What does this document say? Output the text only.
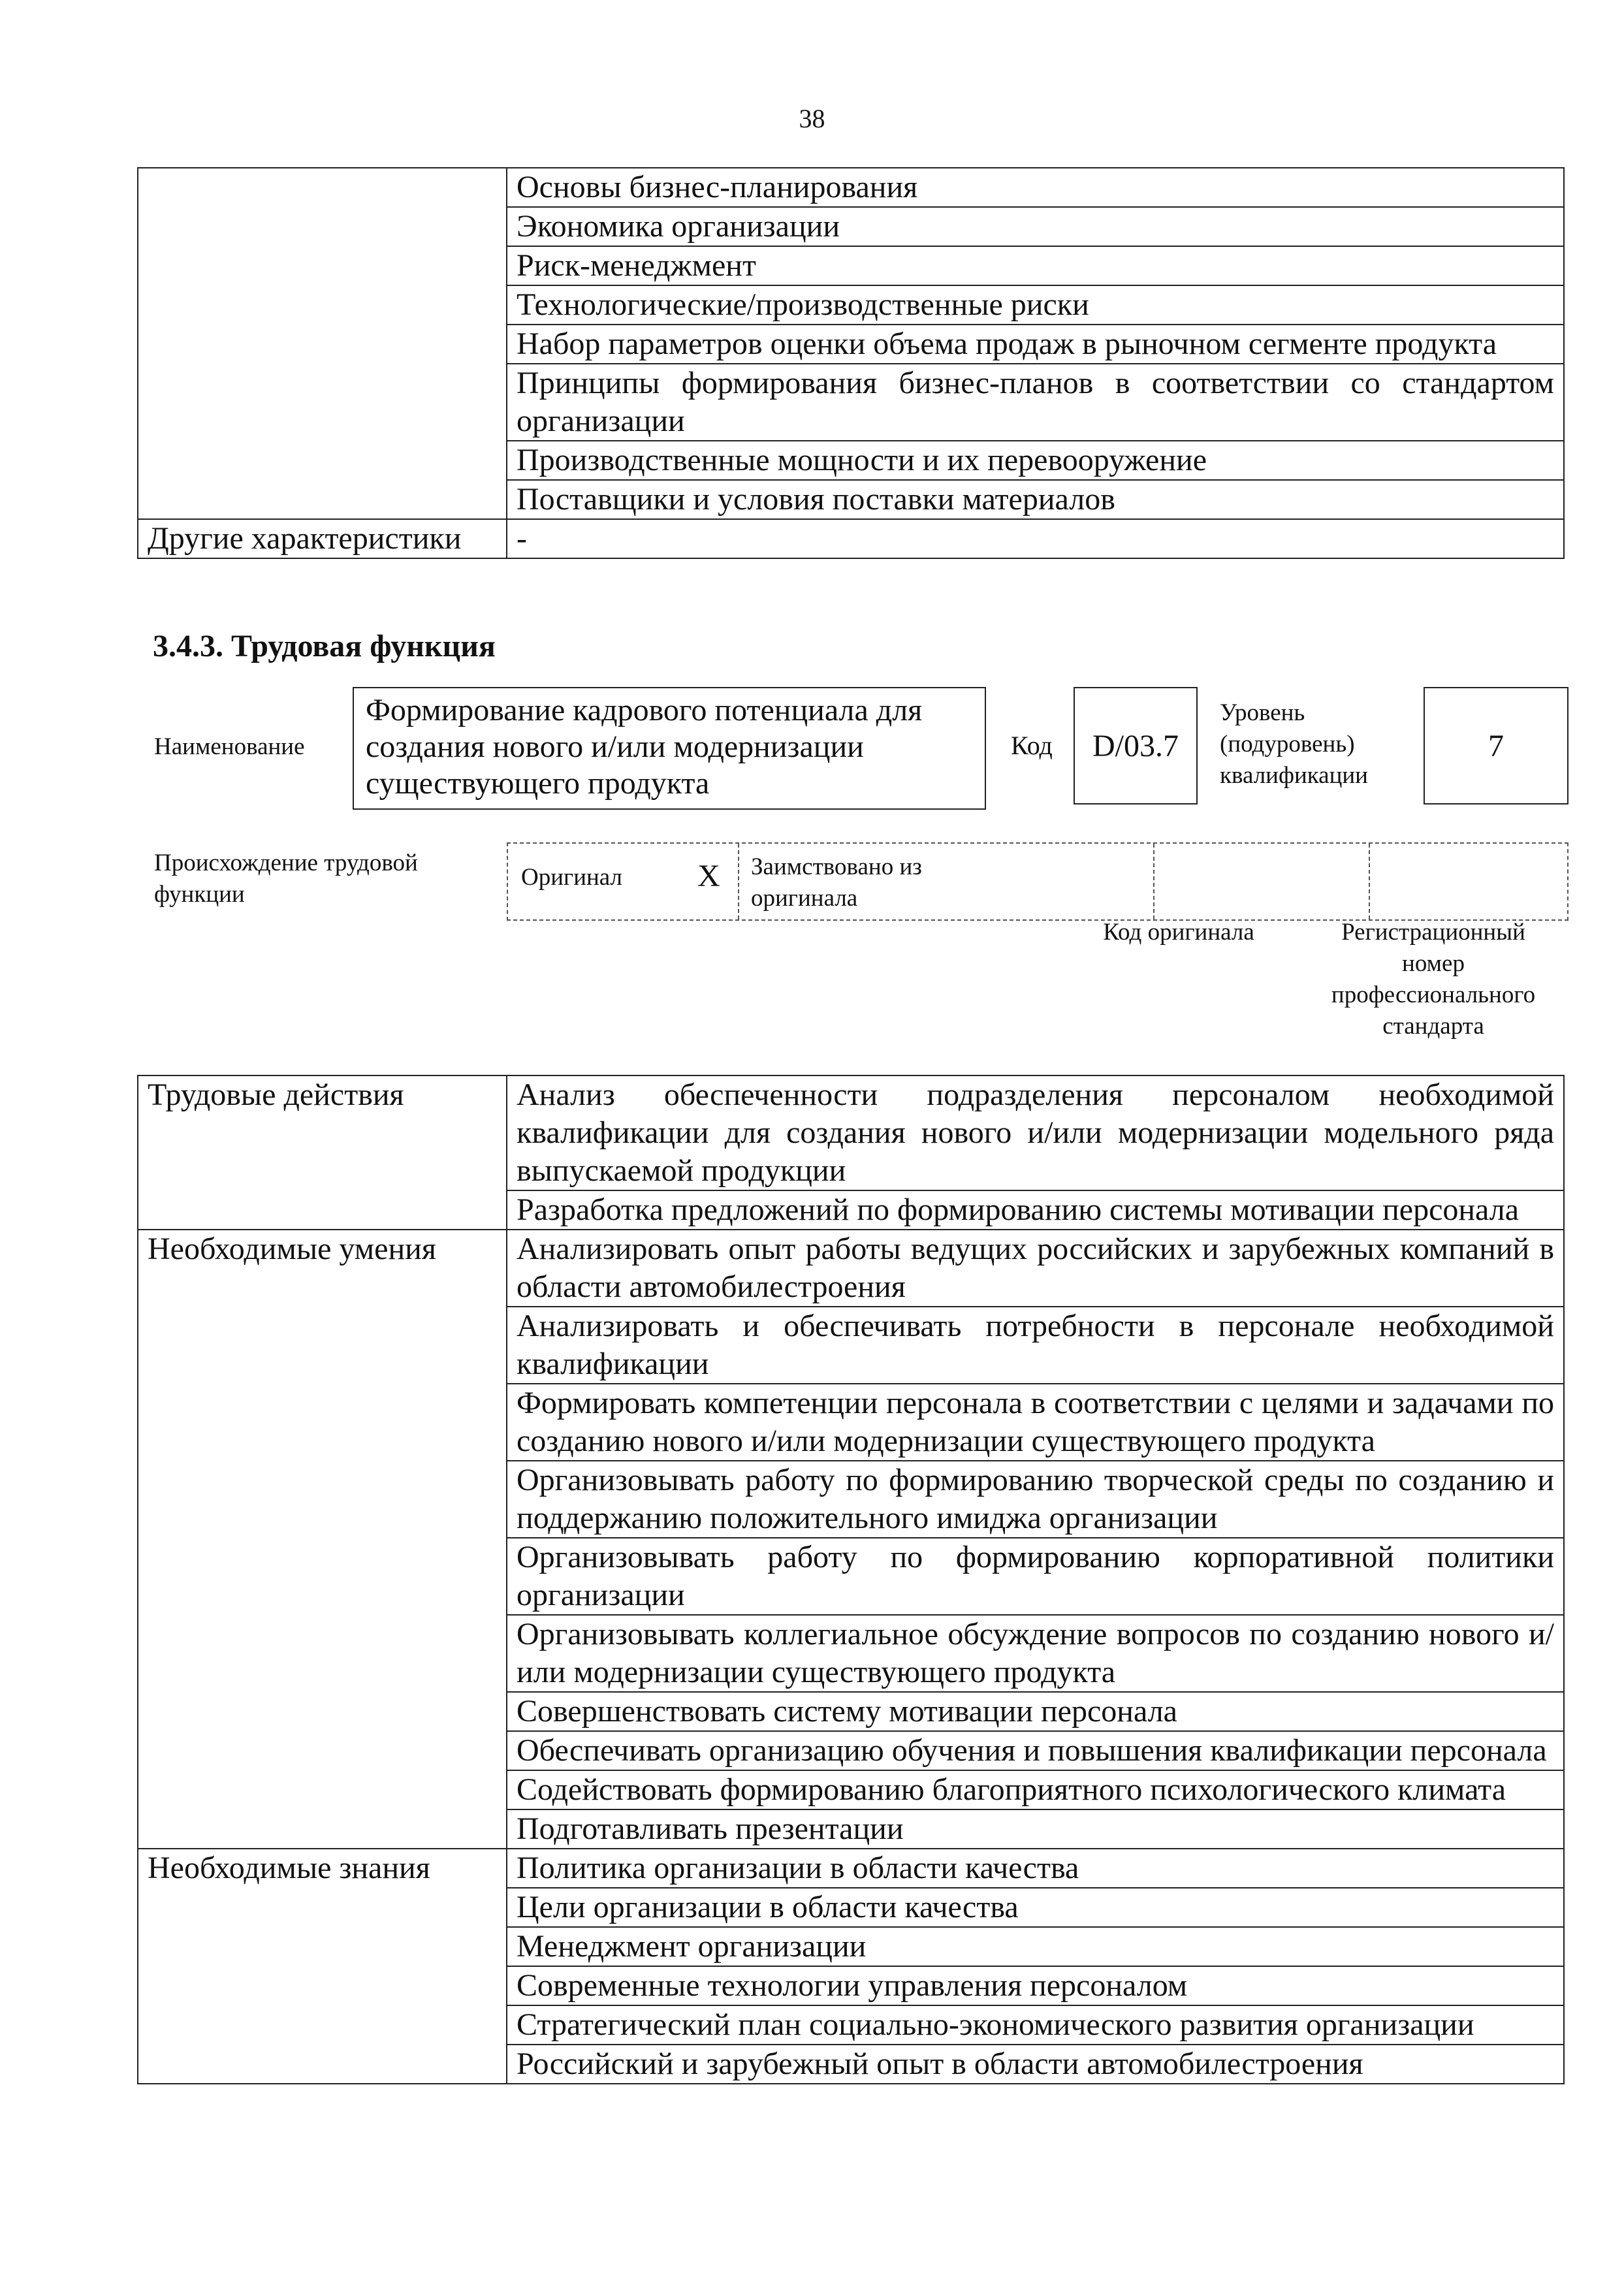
38
	Основы бизнес-планирования
	Экономика организации
	Риск-менеджмент
	Технологические/производственные риски
	Набор параметров оценки объема продаж в рыночном сегменте продукта
	Принципы формирования бизнес-планов в соответствии со стандартом организации
	Производственные мощности и их перевооружение
	Поставщики и условия поставки материалов
Другие характеристики	-
3.4.3. Трудовая функция
Наименование
Формирование кадрового потенциала для создания нового и/или модернизации существующего продукта
Код D/03.7
Уровень
(подуровень)
квалификации
7
Происхождение трудовой
функции
Оригинал X Заимствовано из
оригинала
Код оригинала	Регистрационный
номер
профессионального
стандарта
Трудовые действия	Анализ обеспеченности подразделения персоналом необходимой квалификации для создания нового и/или модернизации модельного ряда выпускаемой продукции
	Разработка предложений по формированию системы мотивации персонала
Необходимые умения	Анализировать опыт работы ведущих российских и зарубежных компаний в области автомобилестроения
	Анализировать и обеспечивать потребности в персонале необходимой квалификации
	Формировать компетенции персонала в соответствии с целями и задачами по созданию нового и/или модернизации существующего продукта
	Организовывать работу по формированию творческой среды по созданию и поддержанию положительного имиджа организации
	Организовывать работу по формированию корпоративной политики организации
	Организовывать коллегиальное обсуждение вопросов по созданию нового и/или модернизации существующего продукта
	Совершенствовать систему мотивации персонала
	Обеспечивать организацию обучения и повышения квалификации персонала
	Содействовать формированию благоприятного психологического климата
	Подготавливать презентации
Необходимые знания	Политика организации в области качества
	Цели организации в области качества
	Менеджмент организации
	Современные технологии управления персоналом
	Стратегический план социально-экономического развития организации
	Российский и зарубежный опыт в области автомобилестроения
